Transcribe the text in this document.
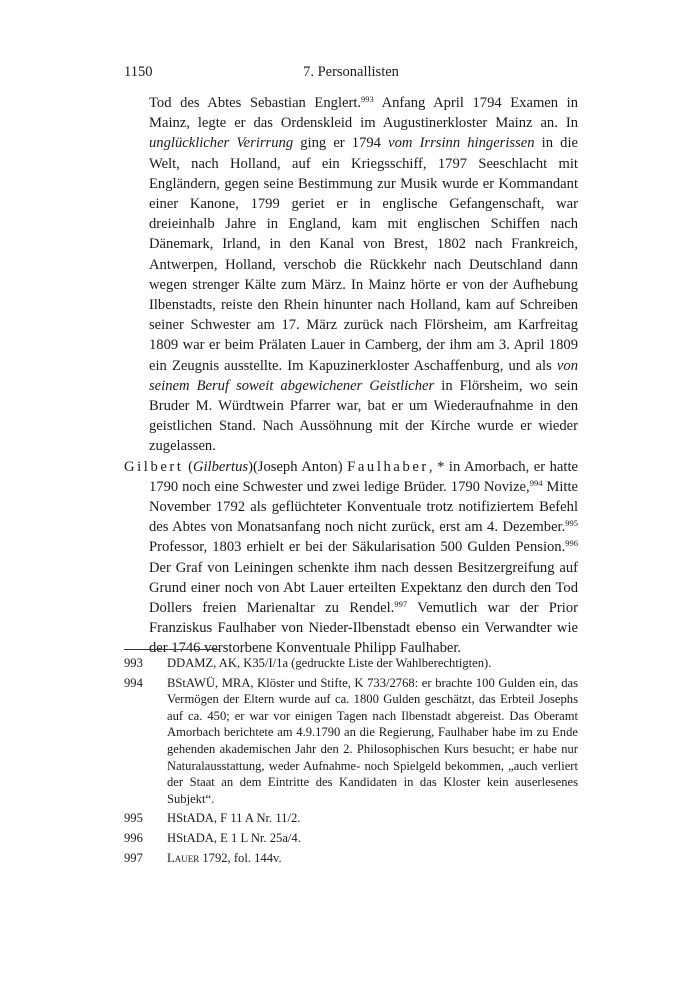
1150	7. Personallisten

Tod des Abtes Sebastian Englert.$^{993}$ Anfang April 1794 Examen in Mainz, legte er das Ordenskleid im Augustinerkloster Mainz an. In unglücklicher Verirrung ging er 1794 vom Irrsinn hingerissen in die Welt, nach Holland, auf ein Kriegsschiff, 1797 Seeschlacht mit Engländern, gegen seine Bestimmung zur Musik wurde er Kommandant einer Kanone, 1799 geriet er in englische Gefangenschaft, war dreieinhalb Jahre in England, kam mit englischen Schiffen nach Dänemark, Irland, in den Kanal von Brest, 1802 nach Frankreich, Antwerpen, Holland, verschob die Rückkehr nach Deutschland dann wegen strenger Kälte zum März. In Mainz hörte er von der Aufhebung Ilbenstadts, reiste den Rhein hinunter nach Holland, kam auf Schreiben seiner Schwester am 17. März zurück nach Flörsheim, am Karfreitag 1809 war er beim Prälaten Lauer in Camberg, der ihm am 3. April 1809 ein Zeugnis ausstellte. Im Kapuzinerkloster Aschaffenburg, und als von seinem Beruf soweit abgewichener Geistlicher in Flörsheim, wo sein Bruder M. Würdtwein Pfarrer war, bat er um Wiederaufnahme in den geistlichen Stand. Nach Aussöhnung mit der Kirche wurde er wieder zugelassen.

Gilbert (Gilbertus)(Joseph Anton) Faulhaber, * in Amorbach, er hatte 1790 noch eine Schwester und zwei ledige Brüder. 1790 Novize,$^{994}$ Mitte November 1792 als geflüchteter Konventuale trotz notifiziertem Befehl des Abtes von Monatsanfang noch nicht zurück, erst am 4. Dezember.$^{995}$ Professor, 1803 erhielt er bei der Säkularisation 500 Gulden Pension.$^{996}$ Der Graf von Leiningen schenkte ihm nach dessen Besitzergreifung auf Grund einer noch von Abt Lauer erteilten Expektanz den durch den Tod Dollers freien Marienaltar zu Rendel.$^{997}$ Vemutlich war der Prior Franziskus Faulhaber von Nieder-Ilbenstadt ebenso ein Verwandter wie der 1746 verstorbene Konventuale Philipp Faulhaber.

993 DDAMZ, AK, K35/I/1a (gedruckte Liste der Wahlberechtigten).

994 BStAWÜ, MRA, Klöster und Stifte, K 733/2768: er brachte 100 Gulden ein, das Vermögen der Eltern wurde auf ca. 1800 Gulden geschätzt, das Erbteil Josephs auf ca. 450; er war vor einigen Tagen nach Ilbenstadt abgereist. Das Oberamt Amorbach berichtete am 4.9.1790 an die Regierung, Faulhaber habe im zu Ende gehenden akademischen Jahr den 2. Philosophischen Kurs besucht; er habe nur Naturalausstattung, weder Aufnahme- noch Spielgeld bekommen, „auch verliert der Staat an dem Eintritte des Kandidaten in das Kloster kein auserlesenes Subjekt“.

995 HStADA, F 11 A Nr. 11/2.

996 HStADA, E 1 L Nr. 25a/4.

997 Lauer 1792, fol. 144v.
